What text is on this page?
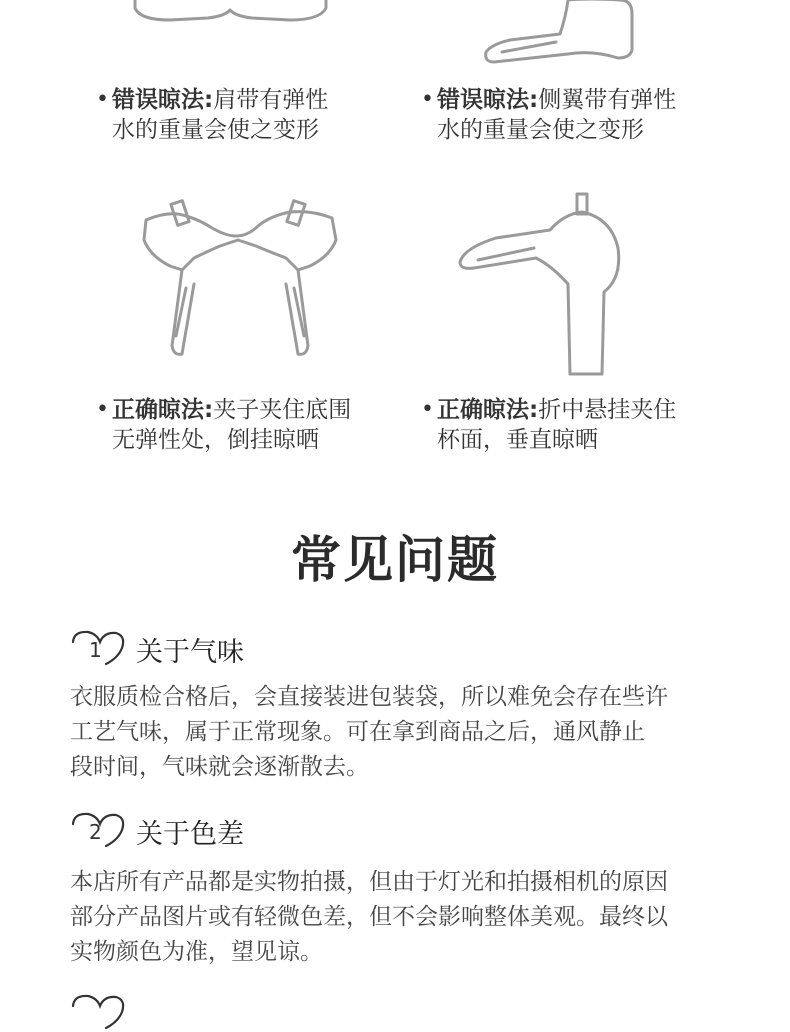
• 错误晾法:肩带有弹性
水的重量会使之变形
• 错误晾法:侧翼带有弹性
水的重量会使之变形
• 正确晾法:夹子夹住底围
无弹性处，倒挂晾晒
• 正确晾法:折中悬挂夹住
杯面，垂直晾晒
常见问题
1 关于气味
衣服质检合格后，会直接装进包装袋，所以难免会存在些许
工艺气味，属于正常现象。可在拿到商品之后，通风静止
段时间，气味就会逐渐散去。
2 关于色差
本店所有产品都是实物拍摄，但由于灯光和拍摄相机的原因
部分产品图片或有轻微色差，但不会影响整体美观。最终以
实物颜色为准，望见谅。
